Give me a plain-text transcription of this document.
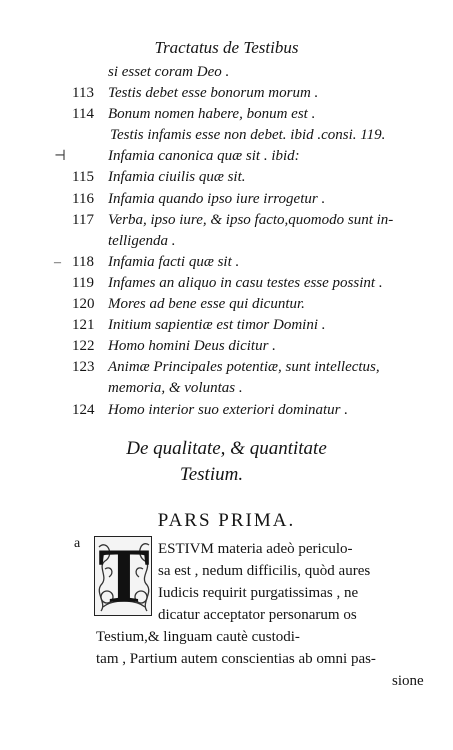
Tractatus de Testibus
si esset coram Deo .
113 Testis debet esse bonorum morum .
114 Bonum nomen habere, bonum est .
Testis infamis esse non debet. ibid .consi. 119.
⊣	Infamia canonica quæ sit . ibid:
115 Infamia ciuilis quæ sit.
116 Infamia quando ipso iure irrogetur .
117 Verba, ipso iure, & ipso facto,quomodo sunt in-
telligenda .
– 118 Infamia facti quæ sit .
119 Infames an aliquo in casu testes esse possint .
120 Mores ad bene esse qui dicuntur.
121 Initium sapientiæ est timor Domini .
122 Homo homini Deus dicitur .
123 Animæ Principales potentiæ, sunt intellectus,
memoria, & voluntas .
124 Homo interior suo exteriori dominatur .
De qualitate, & quantitate
Testium.
PARS PRIMA.
a T ESTIVM materia adeò periculo-
sa est , nedum difficilis, quòd aures
Iudicis requirit purgatissimas , ne
dicatur acceptator personarum os
Testium,& linguam cautè custodi-
tam , Partium autem conscientias ab omni pas-
sione
